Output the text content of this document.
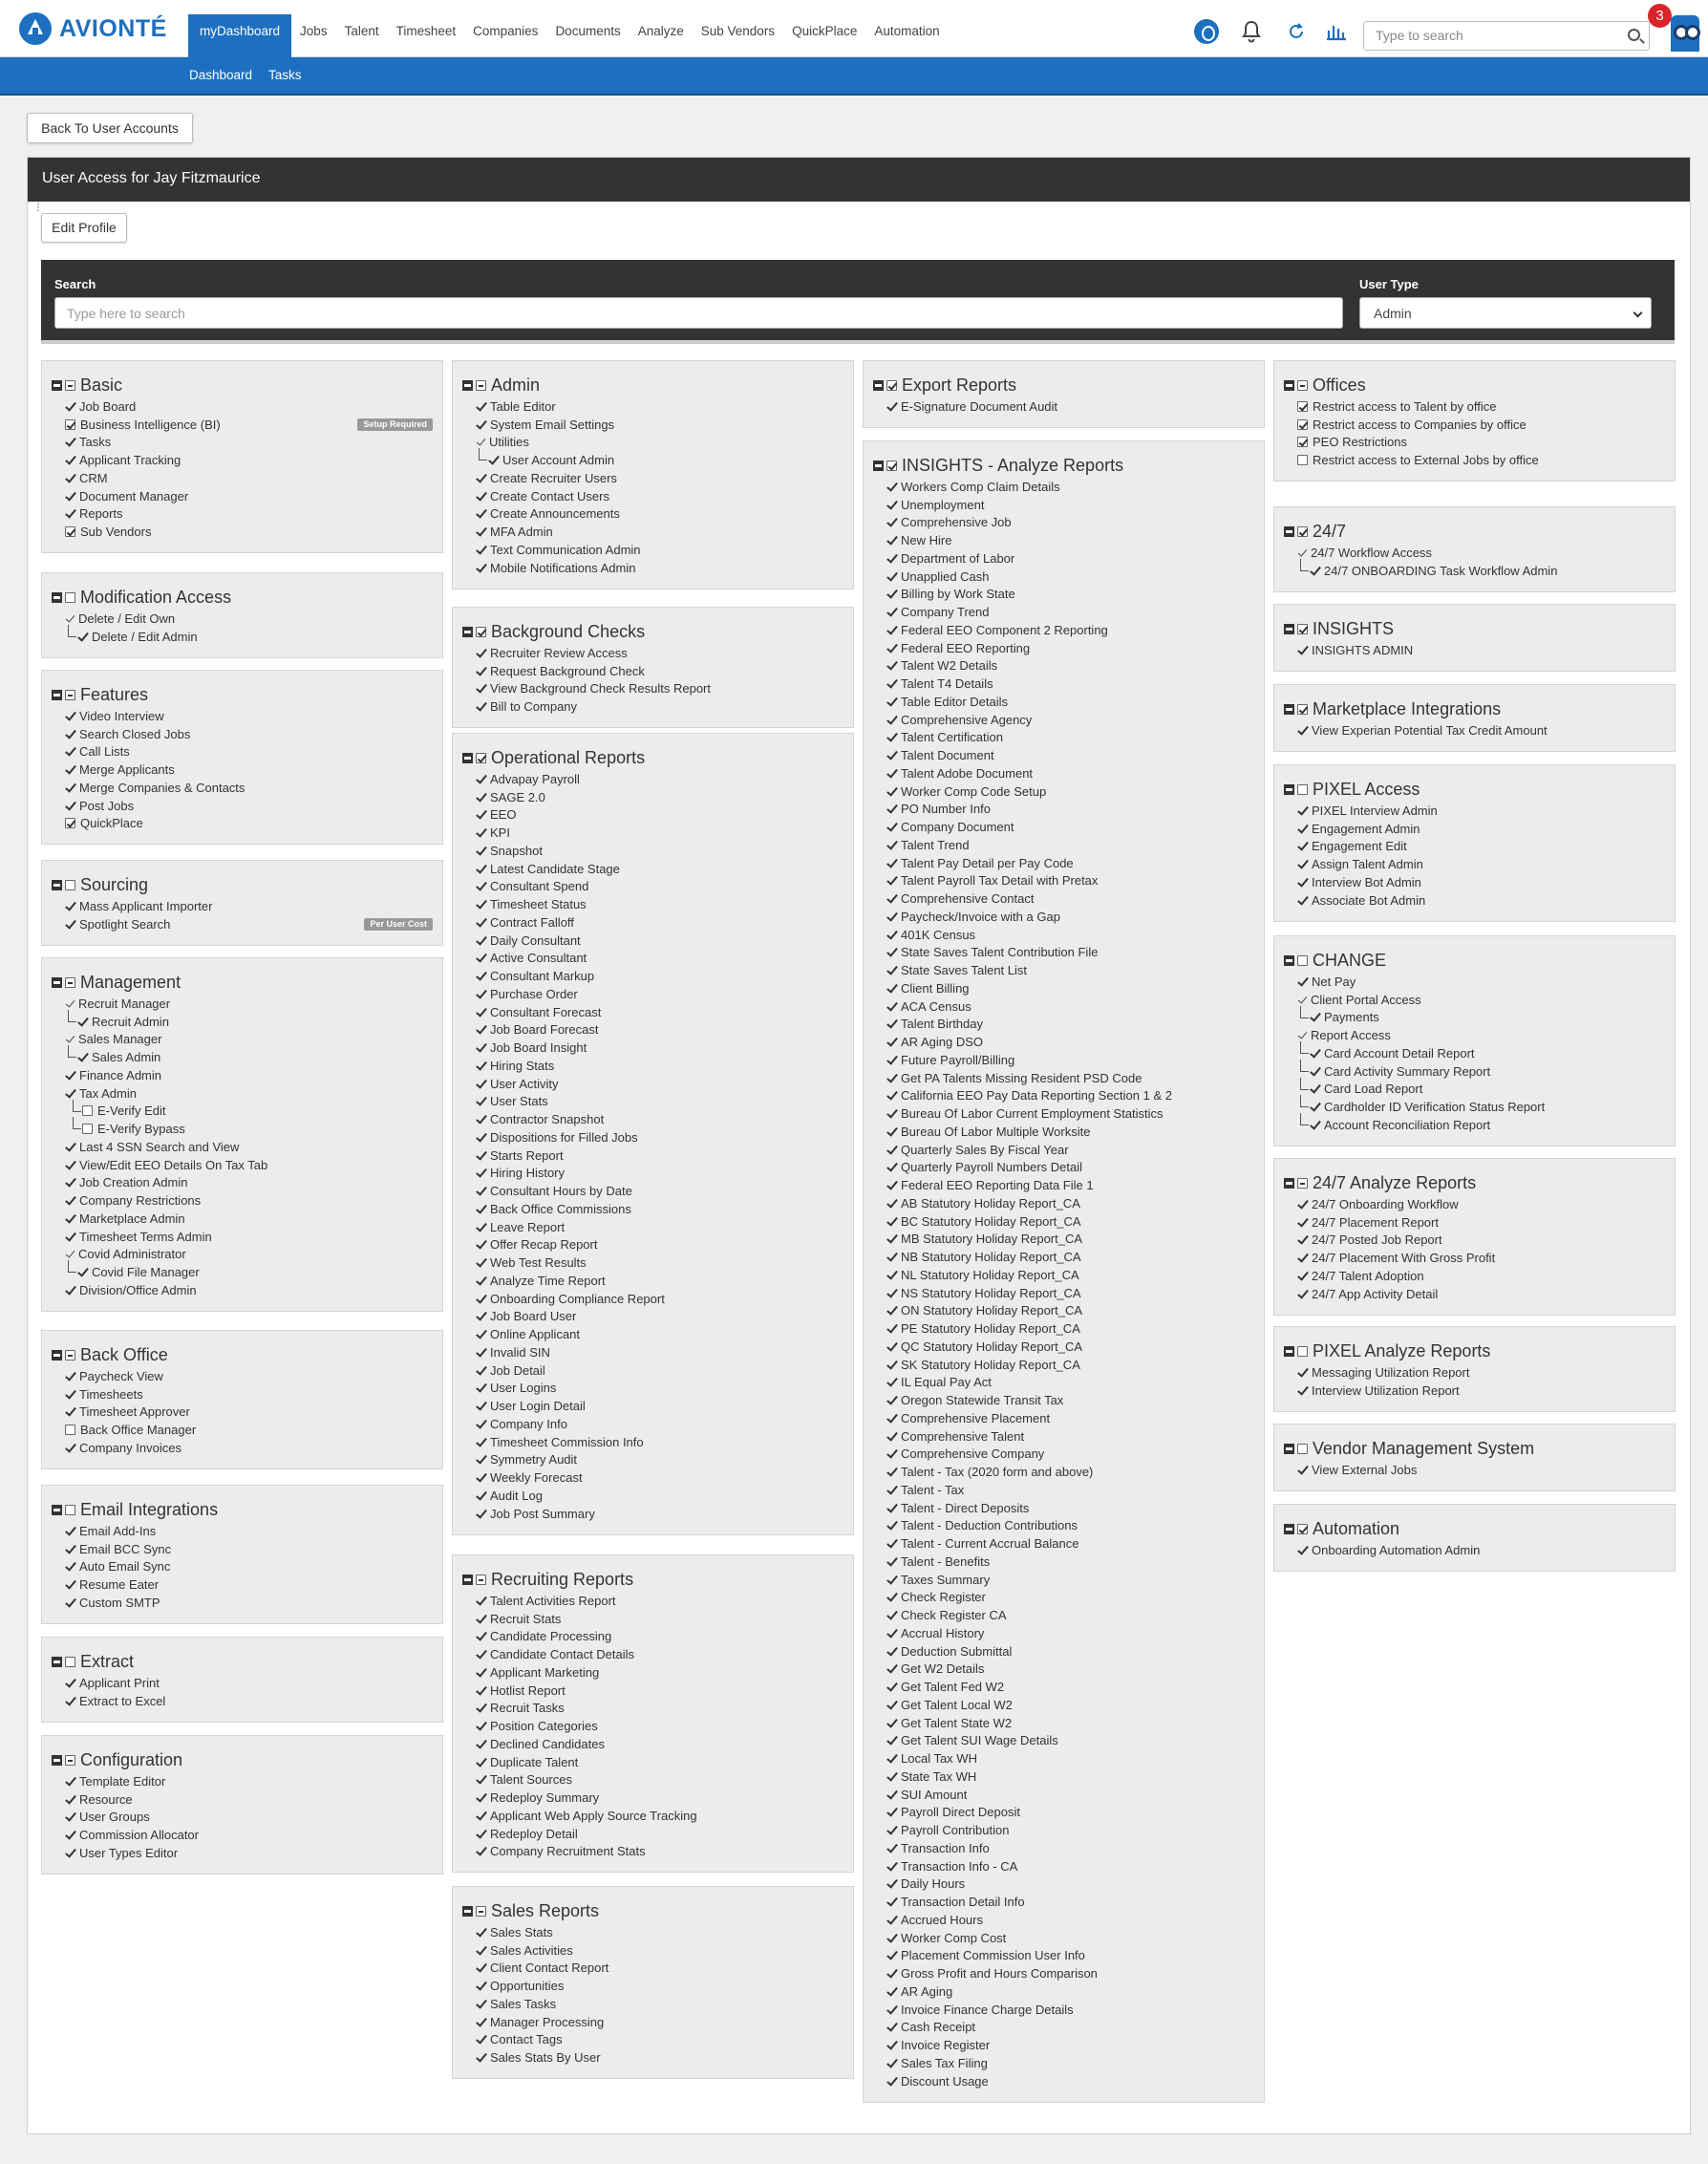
AVIONTÉ	myDashboard	Jobs	Talent	Timesheet	Companies	Documents	Analyze	Sub Vendors	QuickPlace	Automation	Type to search
3
Dashboard Tasks
Back To User Accounts
User Access for Jay Fitzmaurice
⋮
Edit Profile
Search
Type here to search
User Type
Admin
Basic
Job Board
Business Intelligence (BI)	Setup Required
Tasks
Applicant Tracking
CRM
Document Manager
Reports
Sub Vendors
Modification Access
Delete / Edit Own
Delete / Edit Admin
Features
Video Interview
Search Closed Jobs
Call Lists
Merge Applicants
Merge Companies & Contacts
Post Jobs
QuickPlace
Sourcing
Mass Applicant Importer
Spotlight Search	Per User Cost
Management
Recruit Manager
Recruit Admin
Sales Manager
Sales Admin
Finance Admin
Tax Admin
E-Verify Edit
E-Verify Bypass
Last 4 SSN Search and View
View/Edit EEO Details On Tax Tab
Job Creation Admin
Company Restrictions
Marketplace Admin
Timesheet Terms Admin
Covid Administrator
Covid File Manager
Division/Office Admin
Back Office
Paycheck View
Timesheets
Timesheet Approver
Back Office Manager
Company Invoices
Email Integrations
Email Add-Ins
Email BCC Sync
Auto Email Sync
Resume Eater
Custom SMTP
Extract
Applicant Print
Extract to Excel
Configuration
Template Editor
Resource
User Groups
Commission Allocator
User Types Editor
Admin
Table Editor
System Email Settings
Utilities
User Account Admin
Create Recruiter Users
Create Contact Users
Create Announcements
MFA Admin
Text Communication Admin
Mobile Notifications Admin
Background Checks
Recruiter Review Access
Request Background Check
View Background Check Results Report
Bill to Company
Operational Reports
Advapay Payroll
SAGE 2.0
EEO
KPI
Snapshot
Latest Candidate Stage
Consultant Spend
Timesheet Status
Contract Falloff
Daily Consultant
Active Consultant
Consultant Markup
Purchase Order
Consultant Forecast
Job Board Forecast
Job Board Insight
Hiring Stats
User Activity
User Stats
Contractor Snapshot
Dispositions for Filled Jobs
Starts Report
Hiring History
Consultant Hours by Date
Back Office Commissions
Leave Report
Offer Recap Report
Web Test Results
Analyze Time Report
Onboarding Compliance Report
Job Board User
Online Applicant
Invalid SIN
Job Detail
User Logins
User Login Detail
Company Info
Timesheet Commission Info
Symmetry Audit
Weekly Forecast
Audit Log
Job Post Summary
Recruiting Reports
Talent Activities Report
Recruit Stats
Candidate Processing
Candidate Contact Details
Applicant Marketing
Hotlist Report
Recruit Tasks
Position Categories
Declined Candidates
Duplicate Talent
Talent Sources
Redeploy Summary
Applicant Web Apply Source Tracking
Redeploy Detail
Company Recruitment Stats
Sales Reports
Sales Stats
Sales Activities
Client Contact Report
Opportunities
Sales Tasks
Manager Processing
Contact Tags
Sales Stats By User
Export Reports
E-Signature Document Audit
INSIGHTS - Analyze Reports
Workers Comp Claim Details
Unemployment
Comprehensive Job
New Hire
Department of Labor
Unapplied Cash
Billing by Work State
Company Trend
Federal EEO Component 2 Reporting
Federal EEO Reporting
Talent W2 Details
Talent T4 Details
Table Editor Details
Comprehensive Agency
Talent Certification
Talent Document
Talent Adobe Document
Worker Comp Code Setup
PO Number Info
Company Document
Talent Trend
Talent Pay Detail per Pay Code
Talent Payroll Tax Detail with Pretax
Comprehensive Contact
Paycheck/Invoice with a Gap
401K Census
State Saves Talent Contribution File
State Saves Talent List
Client Billing
ACA Census
Talent Birthday
AR Aging DSO
Future Payroll/Billing
Get PA Talents Missing Resident PSD Code
California EEO Pay Data Reporting Section 1 & 2
Bureau Of Labor Current Employment Statistics
Bureau Of Labor Multiple Worksite
Quarterly Sales By Fiscal Year
Quarterly Payroll Numbers Detail
Federal EEO Reporting Data File 1
AB Statutory Holiday Report_CA
BC Statutory Holiday Report_CA
MB Statutory Holiday Report_CA
NB Statutory Holiday Report_CA
NL Statutory Holiday Report_CA
NS Statutory Holiday Report_CA
ON Statutory Holiday Report_CA
PE Statutory Holiday Report_CA
QC Statutory Holiday Report_CA
SK Statutory Holiday Report_CA
IL Equal Pay Act
Oregon Statewide Transit Tax
Comprehensive Placement
Comprehensive Talent
Comprehensive Company
Talent - Tax (2020 form and above)
Talent - Tax
Talent - Direct Deposits
Talent - Deduction Contributions
Talent - Current Accrual Balance
Talent - Benefits
Taxes Summary
Check Register
Check Register CA
Accrual History
Deduction Submittal
Get W2 Details
Get Talent Fed W2
Get Talent Local W2
Get Talent State W2
Get Talent SUI Wage Details
Local Tax WH
State Tax WH
SUI Amount
Payroll Direct Deposit
Payroll Contribution
Transaction Info
Transaction Info - CA
Daily Hours
Transaction Detail Info
Accrued Hours
Worker Comp Cost
Placement Commission User Info
Gross Profit and Hours Comparison
AR Aging
Invoice Finance Charge Details
Cash Receipt
Invoice Register
Sales Tax Filing
Discount Usage
Offices
Restrict access to Talent by office
Restrict access to Companies by office
PEO Restrictions
Restrict access to External Jobs by office
24/7
24/7 Workflow Access
24/7 ONBOARDING Task Workflow Admin
INSIGHTS
INSIGHTS ADMIN
Marketplace Integrations
View Experian Potential Tax Credit Amount
PIXEL Access
PIXEL Interview Admin
Engagement Admin
Engagement Edit
Assign Talent Admin
Interview Bot Admin
Associate Bot Admin
CHANGE
Net Pay
Client Portal Access
Payments
Report Access
Card Account Detail Report
Card Activity Summary Report
Card Load Report
Cardholder ID Verification Status Report
Account Reconciliation Report
24/7 Analyze Reports
24/7 Onboarding Workflow
24/7 Placement Report
24/7 Posted Job Report
24/7 Placement With Gross Profit
24/7 Talent Adoption
24/7 App Activity Detail
PIXEL Analyze Reports
Messaging Utilization Report
Interview Utilization Report
Vendor Management System
View External Jobs
Automation
Onboarding Automation Admin
